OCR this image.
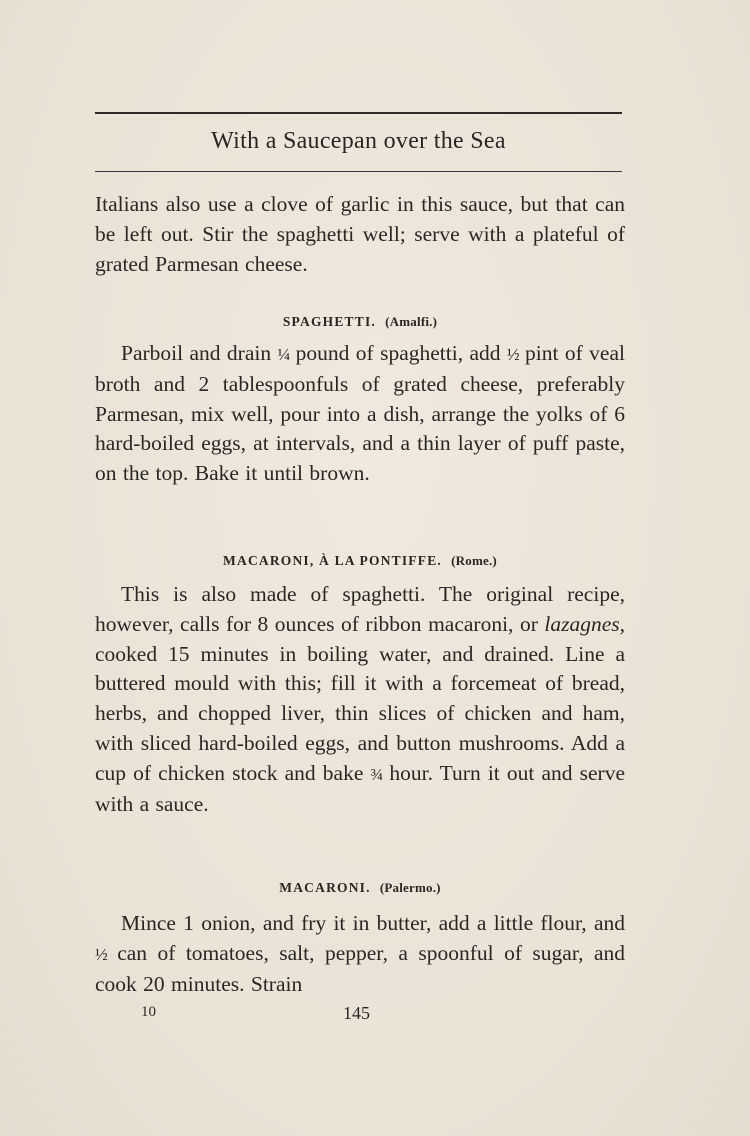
With a Saucepan over the Sea

Italians also use a clove of garlic in this sauce, but that can be left out. Stir the spaghetti well; serve with a plateful of grated Parmesan cheese.

SPAGHETTI. (Amalfi.)

Parboil and drain ¼ pound of spaghetti, add ½ pint of veal broth and 2 tablespoonfuls of grated cheese, preferably Parmesan, mix well, pour into a dish, arrange the yolks of 6 hard-boiled eggs, at intervals, and a thin layer of puff paste, on the top. Bake it until brown.

MACARONI, À LA PONTIFFE. (Rome.)

This is also made of spaghetti. The original recipe, however, calls for 8 ounces of ribbon macaroni, or lazagnes, cooked 15 minutes in boiling water, and drained. Line a buttered mould with this; fill it with a forcemeat of bread, herbs, and chopped liver, thin slices of chicken and ham, with sliced hard-boiled eggs, and button mushrooms. Add a cup of chicken stock and bake ¾ hour. Turn it out and serve with a sauce.

MACARONI. (Palermo.)

Mince 1 onion, and fry it in butter, add a little flour, and ½ can of tomatoes, salt, pepper, a spoonful of sugar, and cook 20 minutes. Strain

10	145
